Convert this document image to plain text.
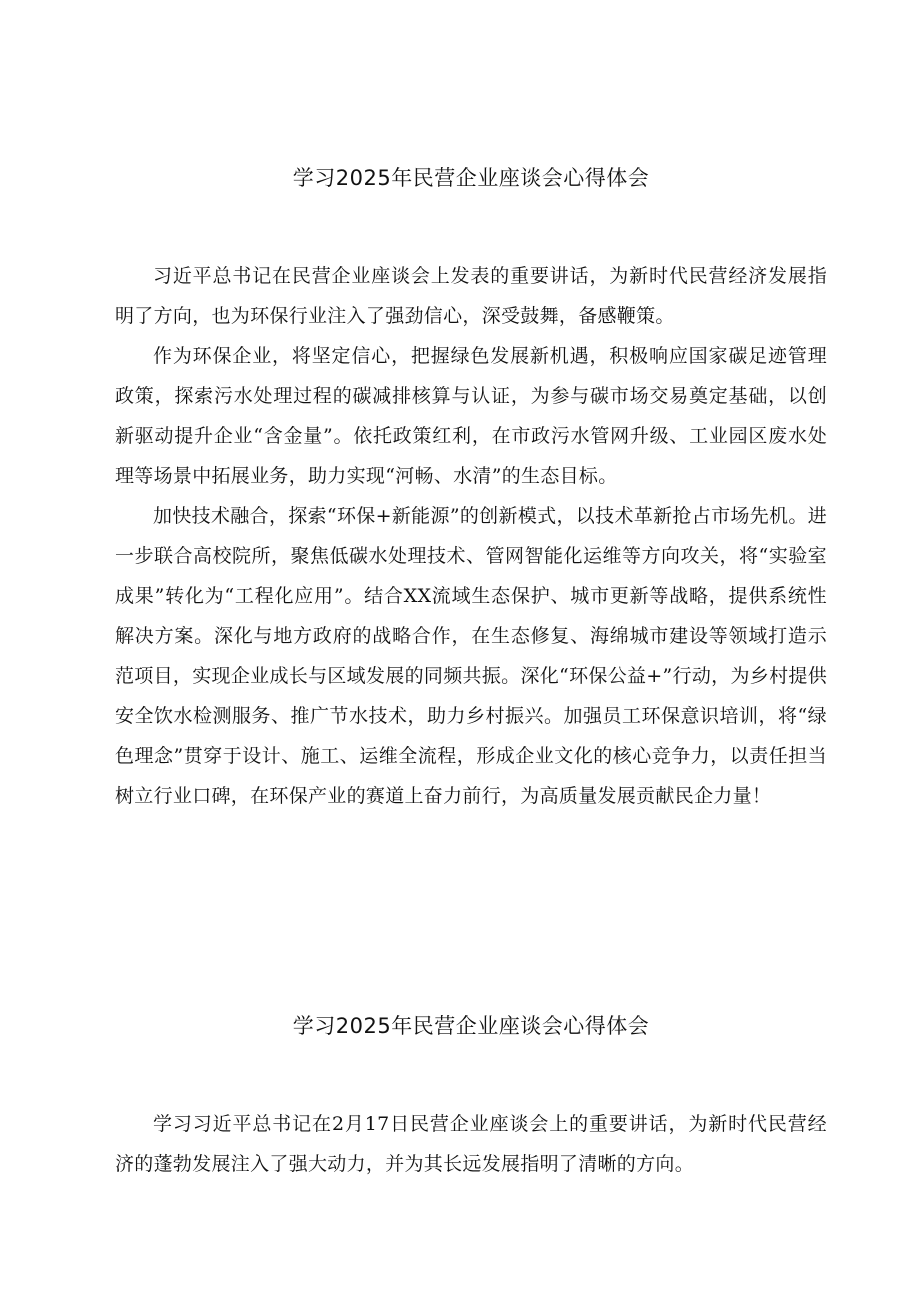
学习2025年民营企业座谈会心得体会

习近平总书记在民营企业座谈会上发表的重要讲话，为新时代民营经济发展指明了方向，也为环保行业注入了强劲信心，深受鼓舞，备感鞭策。

作为环保企业，将坚定信心，把握绿色发展新机遇，积极响应国家碳足迹管理政策，探索污水处理过程的碳减排核算与认证，为参与碳市场交易奠定基础，以创新驱动提升企业“含金量”。依托政策红利，在市政污水管网升级、工业园区废水处理等场景中拓展业务，助力实现“河畅、水清”的生态目标。

加快技术融合，探索“环保+新能源”的创新模式，以技术革新抢占市场先机。进一步联合高校院所，聚焦低碳水处理技术、管网智能化运维等方向攻关，将“实验室成果”转化为“工程化应用”。结合XX流域生态保护、城市更新等战略，提供系统性解决方案。深化与地方政府的战略合作，在生态修复、海绵城市建设等领域打造示范项目，实现企业成长与区域发展的同频共振。深化“环保公益+”行动，为乡村提供安全饮水检测服务、推广节水技术，助力乡村振兴。加强员工环保意识培训，将“绿色理念”贯穿于设计、施工、运维全流程，形成企业文化的核心竞争力，以责任担当树立行业口碑，在环保产业的赛道上奋力前行，为高质量发展贡献民企力量！

学习2025年民营企业座谈会心得体会

学习习近平总书记在2月17日民营企业座谈会上的重要讲话，为新时代民营经济的蓬勃发展注入了强大动力，并为其长远发展指明了清晰的方向。
